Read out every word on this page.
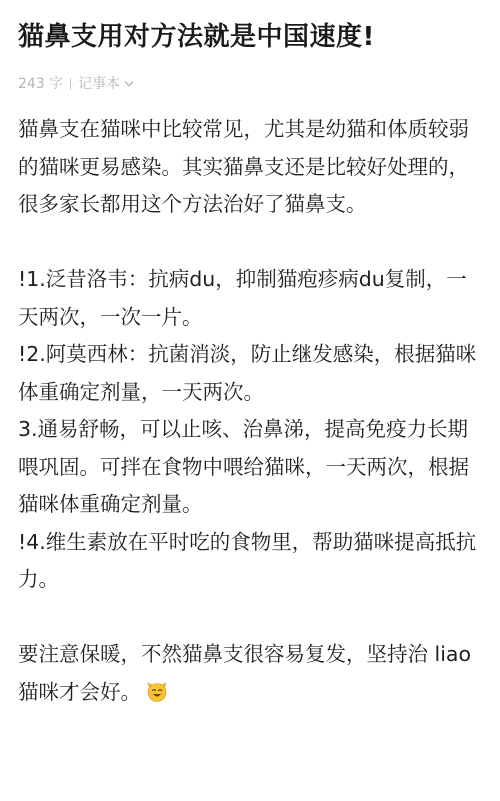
猫鼻支用对方法就是中国速度!
243 字 记事本

猫鼻支在猫咪中比较常见，尤其是幼猫和体质较弱的猫咪更易感染。其实猫鼻支还是比较好处理的，很多家长都用这个方法治好了猫鼻支。

!1.泛昔洛韦：抗病du，抑制猫疱疹病du复制，一天两次，一次一片。

!2.阿莫西林：抗菌消淡，防止继发感染，根据猫咪体重确定剂量，一天两次。

3.通易舒畅，可以止咳、治鼻涕，提高免疫力长期喂巩固。可拌在食物中喂给猫咪，一天两次，根据猫咪体重确定剂量。

!4.维生素放在平时吃的食物里，帮助猫咪提高抵抗力。

要注意保暖，不然猫鼻支很容易复发，坚持治 liao 猫咪才会好。
